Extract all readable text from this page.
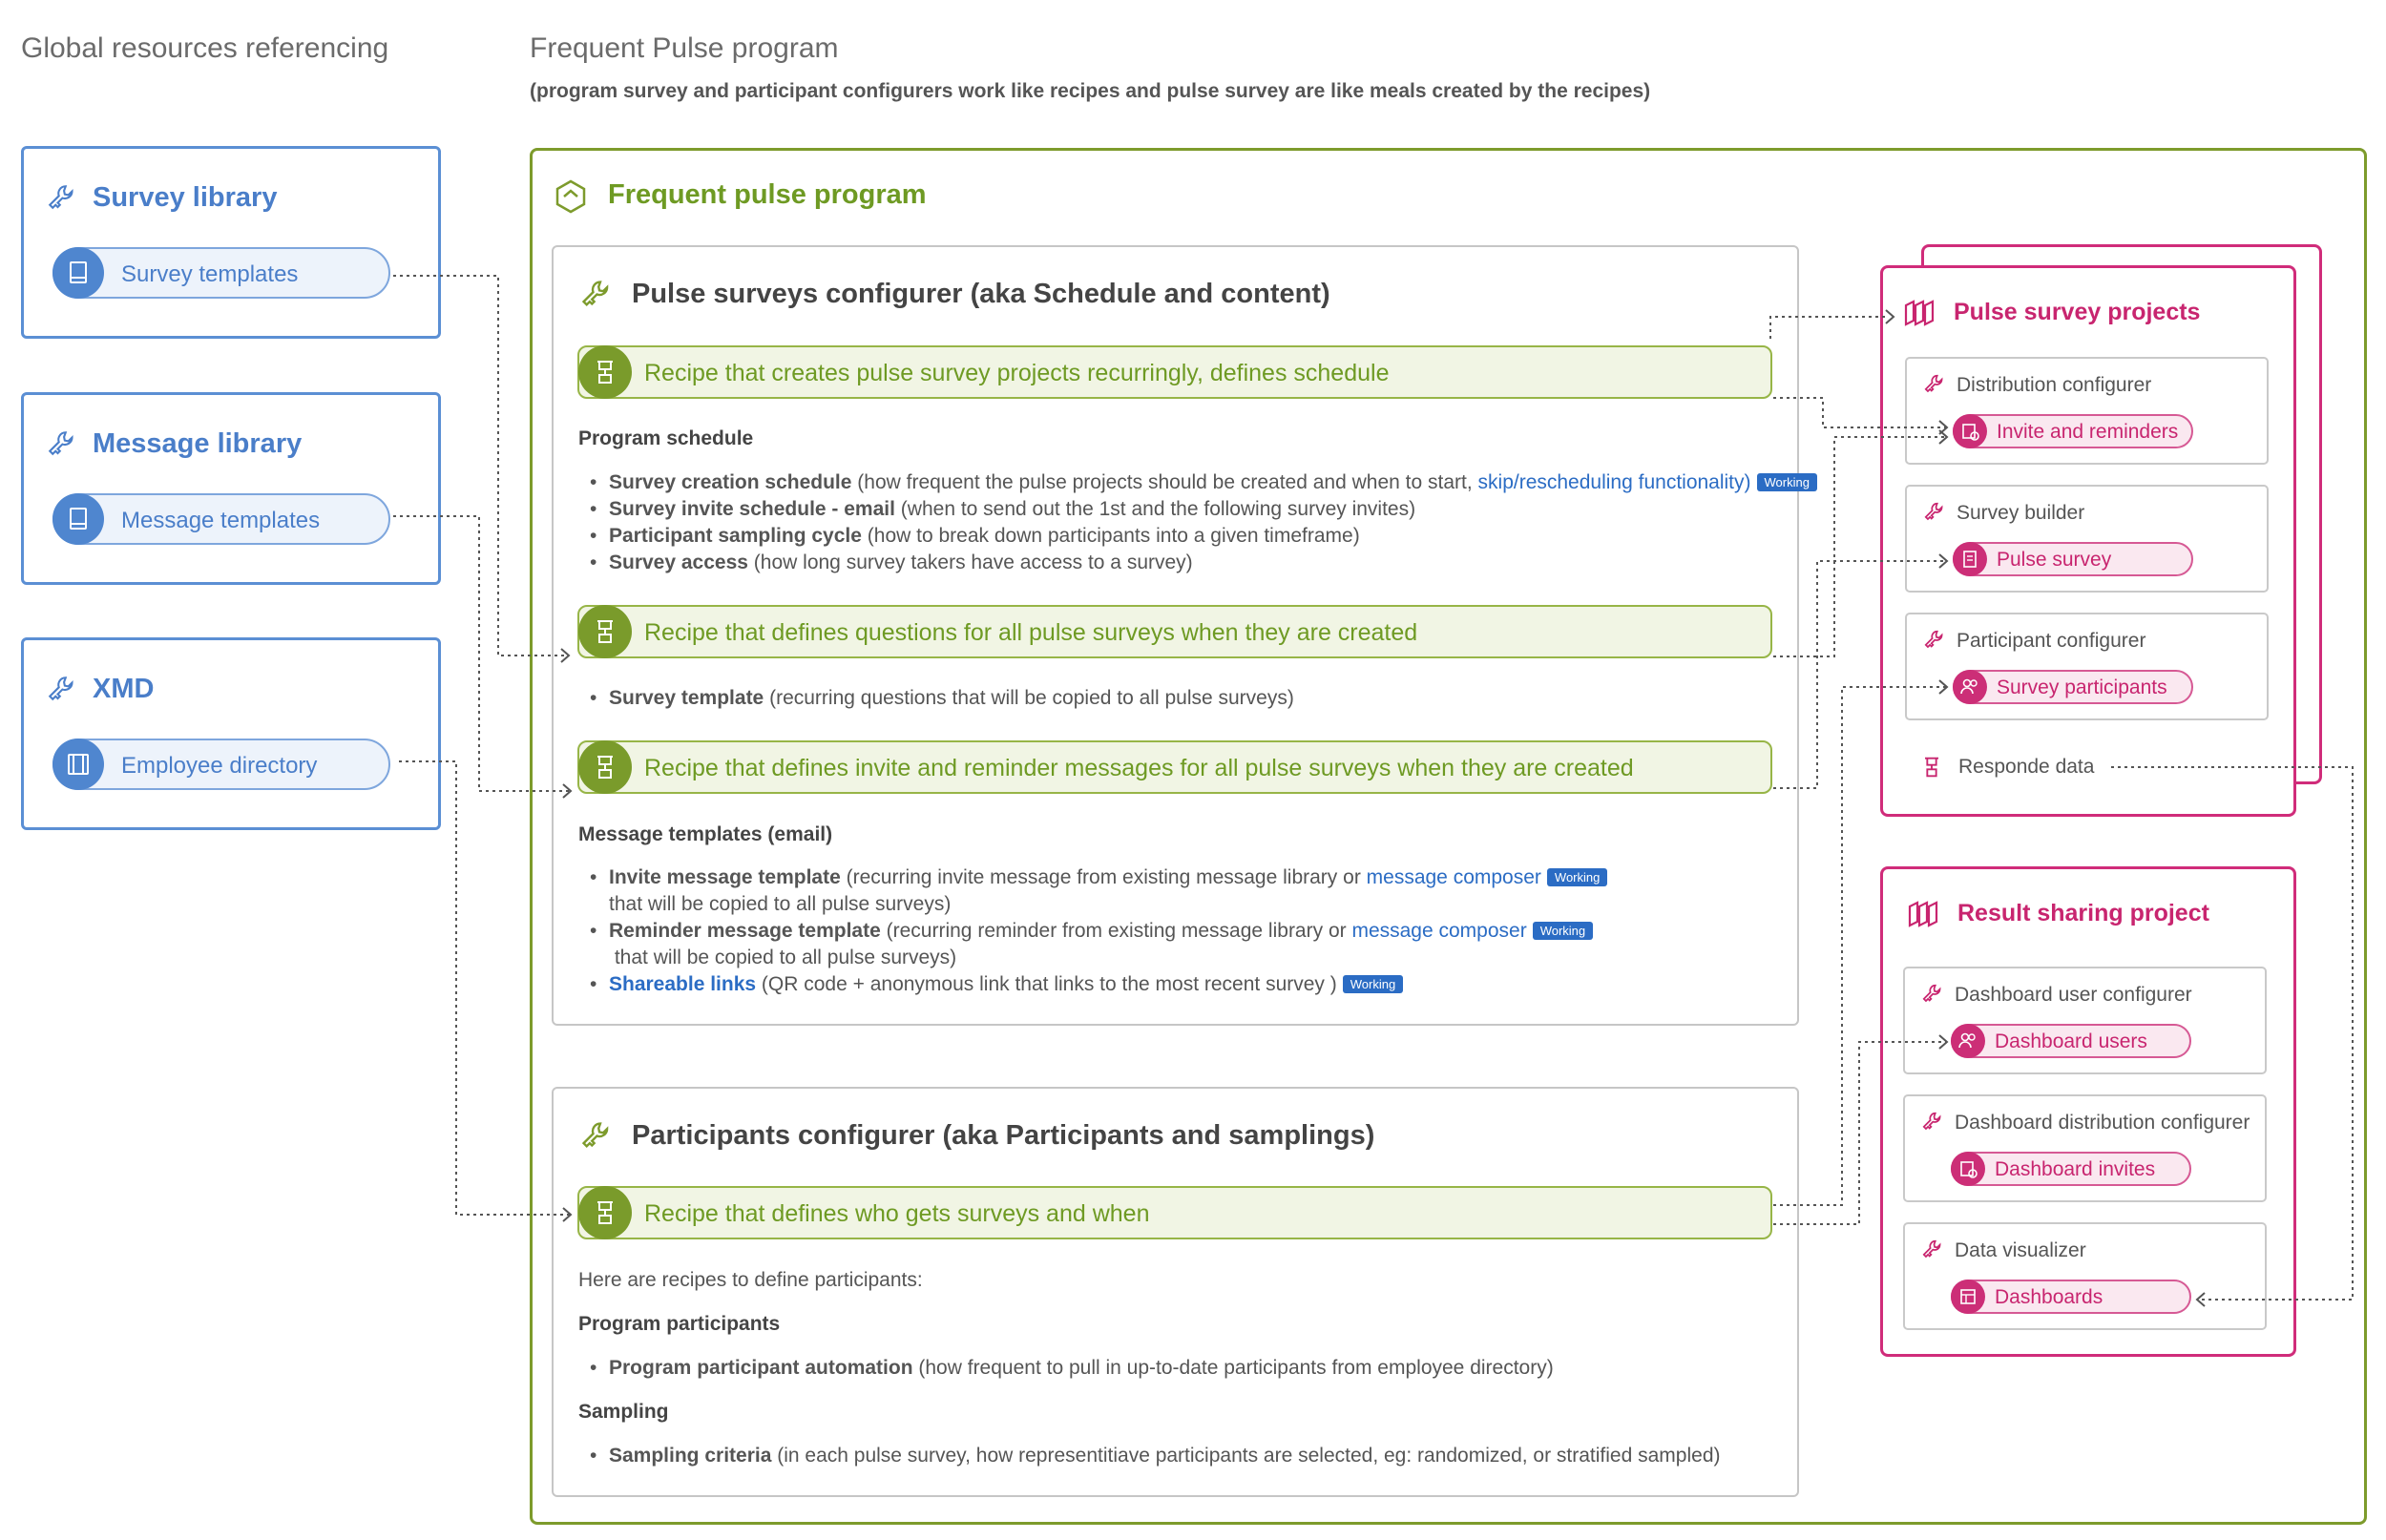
Global resources referencing	Frequent Pulse program
(program survey and participant configurers work like recipes and pulse survey are like meals created by the recipes)
Survey library
Survey templates
Message library
Message templates
XMD
Employee directory
Frequent pulse program
Pulse surveys configurer (aka Schedule and content)
Recipe that creates pulse survey projects recurringly, defines schedule
Program schedule
• Survey creation schedule (how frequent the pulse projects should be created and when to start, skip/rescheduling functionality) Working
• Survey invite schedule - email (when to send out the 1st and the following survey invites)
• Participant sampling cycle (how to break down participants into a given timeframe)
• Survey access (how long survey takers have access to a survey)
Recipe that defines questions for all pulse surveys when they are created
• Survey template (recurring questions that will be copied to all pulse surveys)
Recipe that defines invite and reminder messages for all pulse surveys when they are created
Message templates (email)
• Invite message template (recurring invite message from existing message library or message composer Working
that will be copied to all pulse surveys)
• Reminder message template (recurring reminder from existing message library or message composer Working
that will be copied to all pulse surveys)
• Shareable links (QR code + anonymous link that links to the most recent survey ) Working
Participants configurer (aka Participants and samplings)
Recipe that defines who gets surveys and when
Here are recipes to define participants:
Program participants
• Program participant automation (how frequent to pull in up-to-date participants from employee directory)
Sampling
• Sampling criteria (in each pulse survey, how representitiave participants are selected, eg: randomized, or stratified sampled)
Pulse survey projects
Distribution configurer
Invite and reminders
Survey builder
Pulse survey
Participant configurer
Survey participants
Responde data
Result sharing project
Dashboard user configurer
Dashboard users
Dashboard distribution configurer
Dashboard invites
Data visualizer
Dashboards
